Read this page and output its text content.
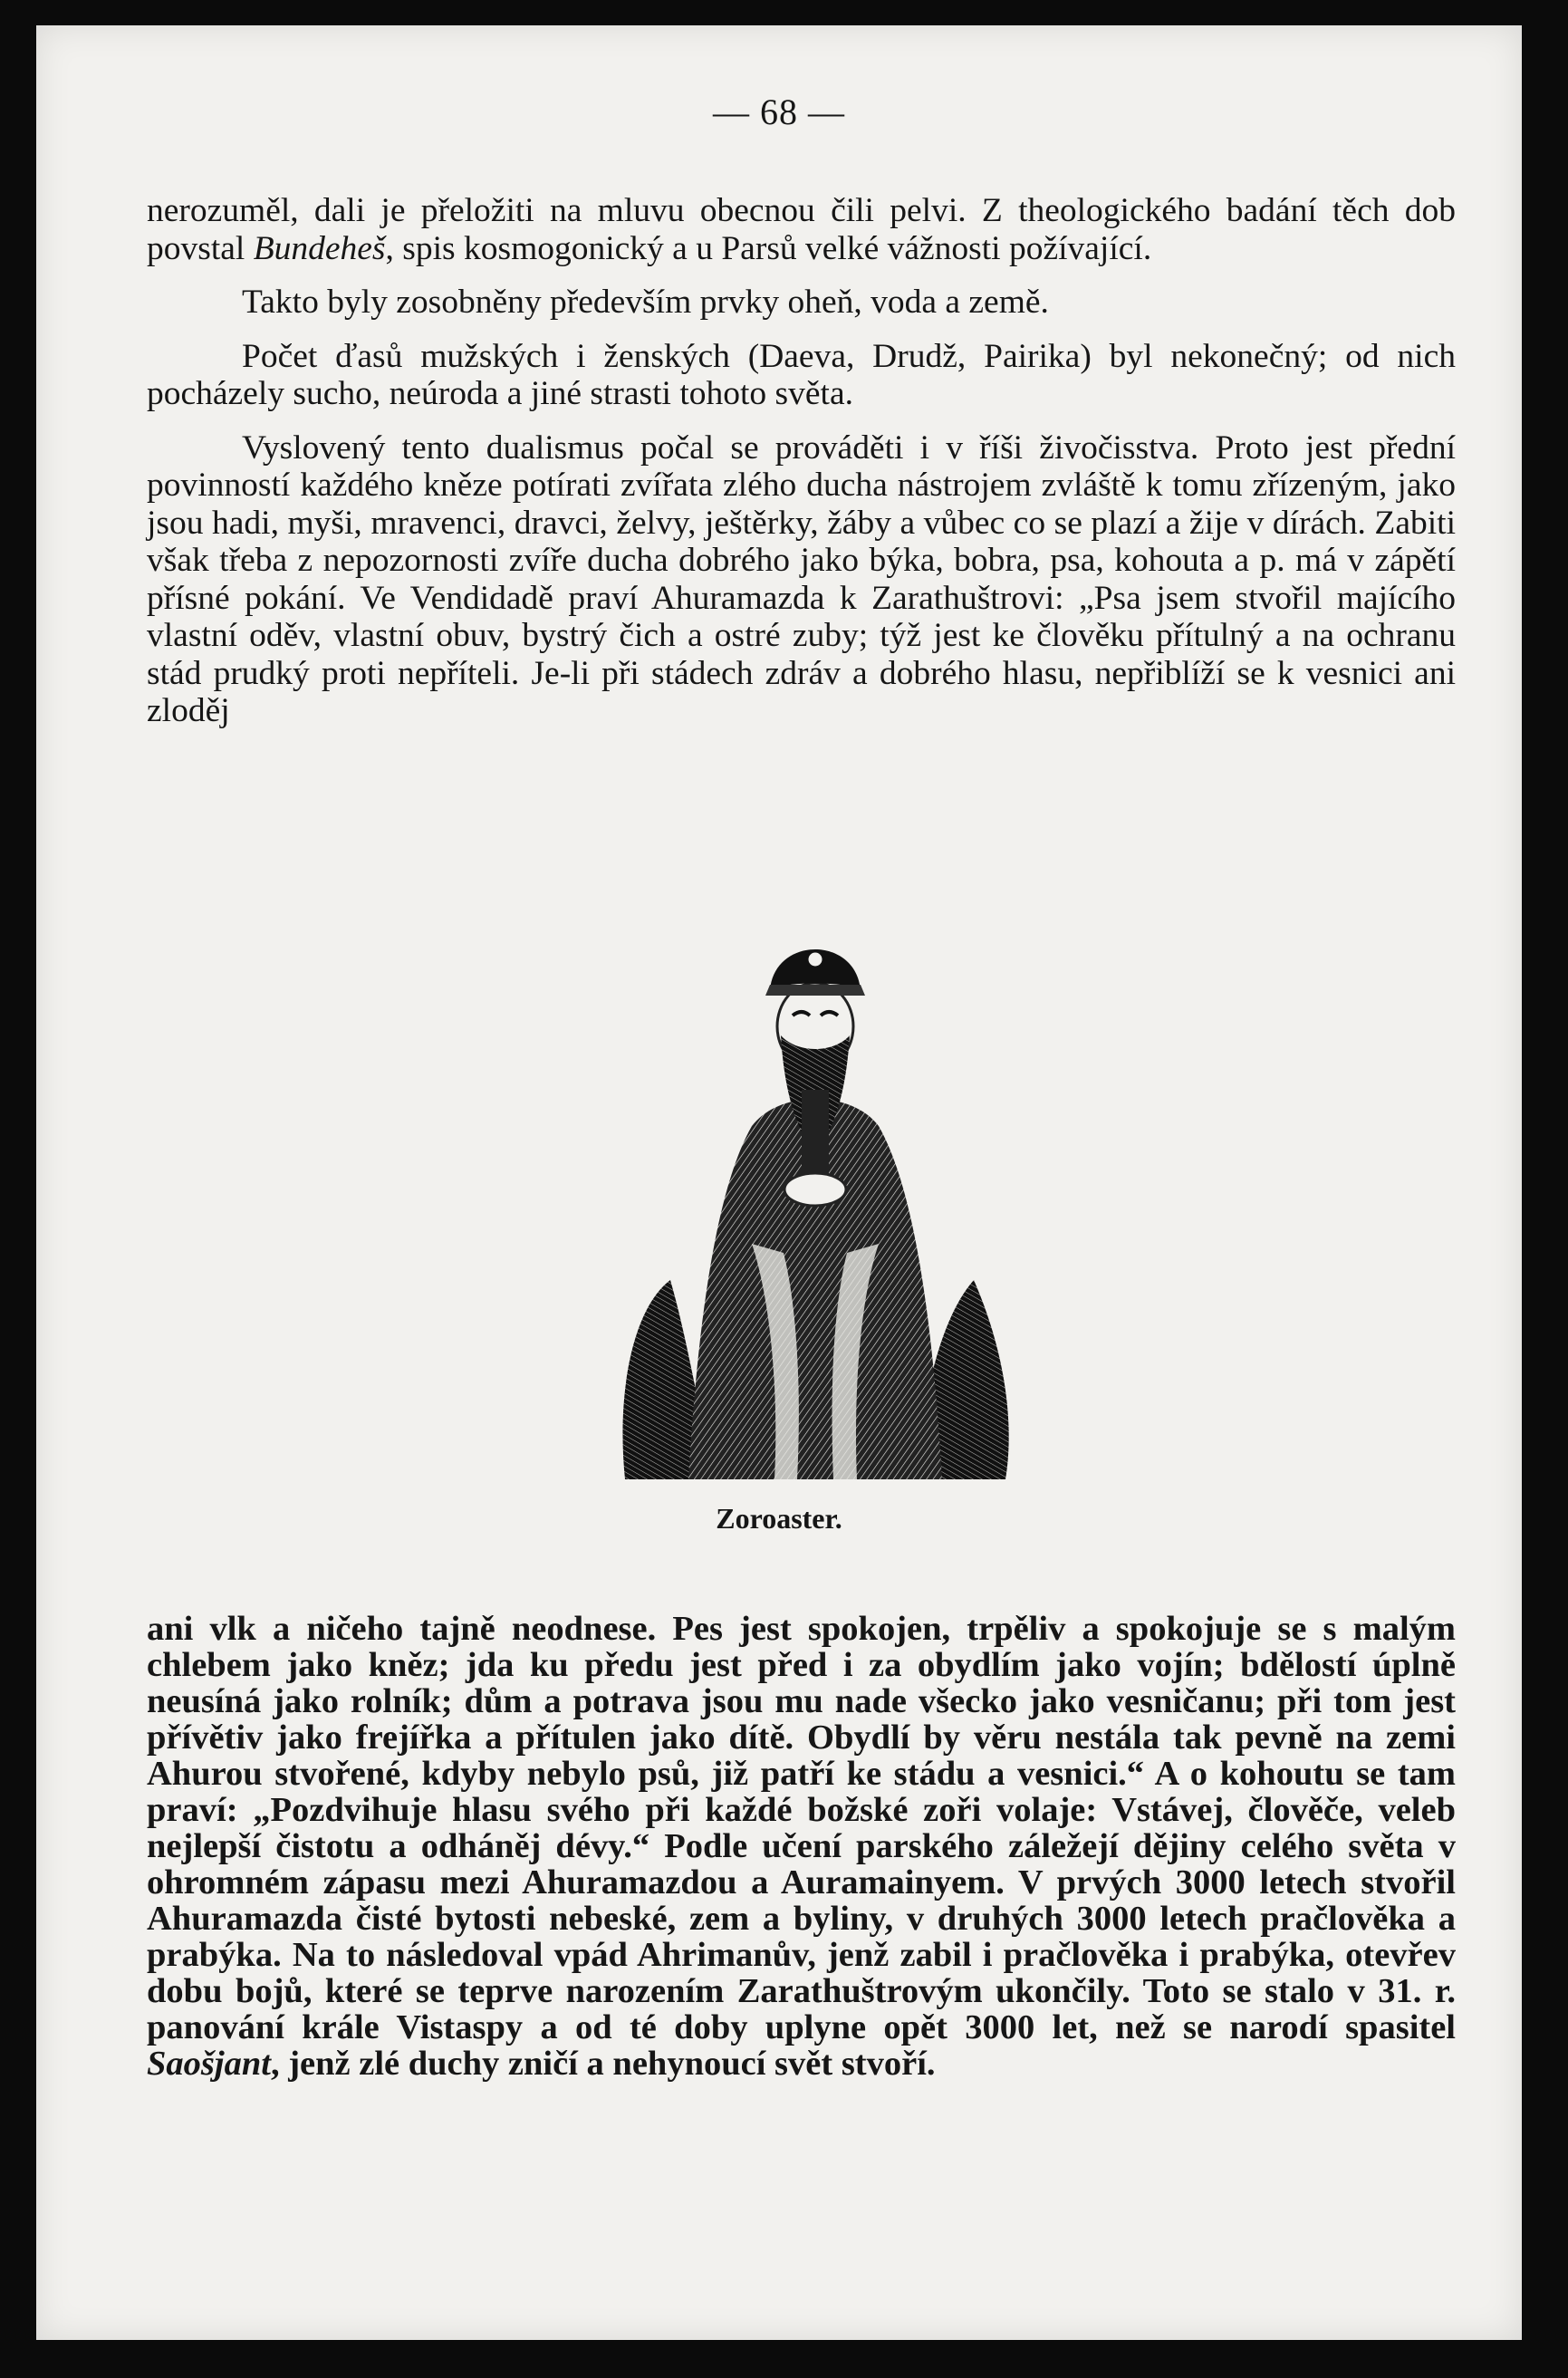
— 68 —

nerozuměl, dali je přeložiti na mluvu obecnou čili pelvi. Z theologického badání těch dob povstal Bundeheš, spis kosmogonický a u Parsů velké vážnosti požívající.

Takto byly zosobněny především prvky oheň, voda a země.

Počet ďasů mužských i ženských (Daeva, Drudž, Pairika) byl nekonečný; od nich pocházely sucho, neúroda a jiné strasti tohoto světa.

Vyslovený tento dualismus počal se prováděti i v říši živočisstva. Proto jest přední povinností každého kněze potírati zvířata zlého ducha nástrojem zvláště k tomu zřízeným, jako jsou hadi, myši, mravenci, dravci, želvy, ještěrky, žáby a vůbec co se plazí a žije v dírách. Zabiti však třeba z nepozornosti zvíře ducha dobrého jako býka, bobra, psa, kohouta a p. má v zápětí přísné pokání. Ve Vendidadě praví Ahuramazda k Zarathuštrovi: „Psa jsem stvořil majícího vlastní oděv, vlastní obuv, bystrý čich a ostré zuby; týž jest ke člověku přítulný a na ochranu stád prudký proti nepříteli. Je-li při stádech zdráv a dobrého hlasu, nepřiblíží se k vesnici ani zloděj

Zoroaster.

ani vlk a ničeho tajně neodnese. Pes jest spokojen, trpěliv a spokojuje se s malým chlebem jako kněz; jda ku předu jest před i za obydlím jako vojín; bdělostí úplně neusíná jako rolník; dům a potrava jsou mu nade všecko jako vesničanu; při tom jest přívětiv jako frejířka a přítulen jako dítě. Obydlí by věru nestála tak pevně na zemi Ahurou stvořené, kdyby nebylo psů, již patří ke stádu a vesnici.“ A o kohoutu se tam praví: „Pozdvihuje hlasu svého při každé božské zoři volaje: Vstávej, člověče, veleb nejlepší čistotu a odháněj dévy.“ Podle učení parského záležejí dějiny celého světa v ohromném zápasu mezi Ahuramazdou a Auramainyem. V prvých 3000 letech stvořil Ahuramazda čisté bytosti nebeské, zem a byliny, v druhých 3000 letech pračlověka a prabýka. Na to následoval vpád Ahrimanův, jenž zabil i pračlověka i prabýka, otevřev dobu bojů, které se teprve narozením Zarathuštrovým ukončily. Toto se stalo v 31. r. panování krále Vistaspy a od té doby uplyne opět 3000 let, než se narodí spasitel Saošjant, jenž zlé duchy zničí a nehynoucí svět stvoří.
